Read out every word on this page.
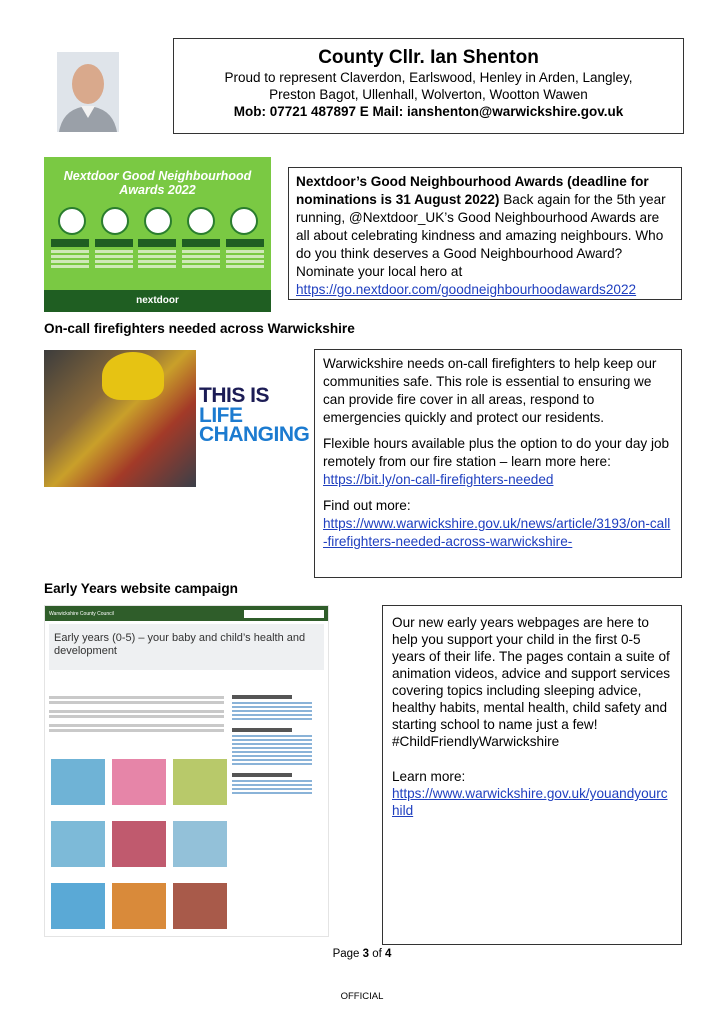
County Cllr. Ian Shenton
Proud to represent Claverdon, Earlswood, Henley in Arden, Langley,
Preston Bagot, Ullenhall, Wolverton, Wootton Wawen
Mob: 07721 487897 E Mail: ianshenton@warwickshire.gov.uk
Nextdoor Good Neighbourhood Awards 2022
nextdoor

Nextdoor’s Good Neighbourhood Awards (deadline for nominations is 31 August 2022) Back again for the 5th year running, @Nextdoor_UK’s Good Neighbourhood Awards are all about celebrating kindness and amazing neighbours. Who do you think deserves a Good Neighbourhood Award? Nominate your local hero at https://go.nextdoor.com/goodneighbourhoodawards2022

On-call firefighters needed across Warwickshire
THIS IS
LIFE CHANGING

Warwickshire needs on-call firefighters to help keep our communities safe. This role is essential to ensuring we can provide fire cover in all areas, respond to emergencies quickly and protect our residents.

Flexible hours available plus the option to do your day job remotely from our fire station – learn more here: https://bit.ly/on-call-firefighters-needed

Find out more:
https://www.warwickshire.gov.uk/news/article/3193/on-call-firefighters-needed-across-warwickshire-

Early Years website campaign
Warwickshire County Council
Early years (0-5) – your baby and child’s health and development

Our new early years webpages are here to help you support your child in the first 0-5 years of their life. The pages contain a suite of animation videos, advice and support services covering topics including sleeping advice, healthy habits, mental health, child safety and starting school to name just a few! #ChildFriendlyWarwickshire

Learn more:

https://www.warwickshire.gov.uk/youandyourchild

Page 3 of 4
OFFICIAL
